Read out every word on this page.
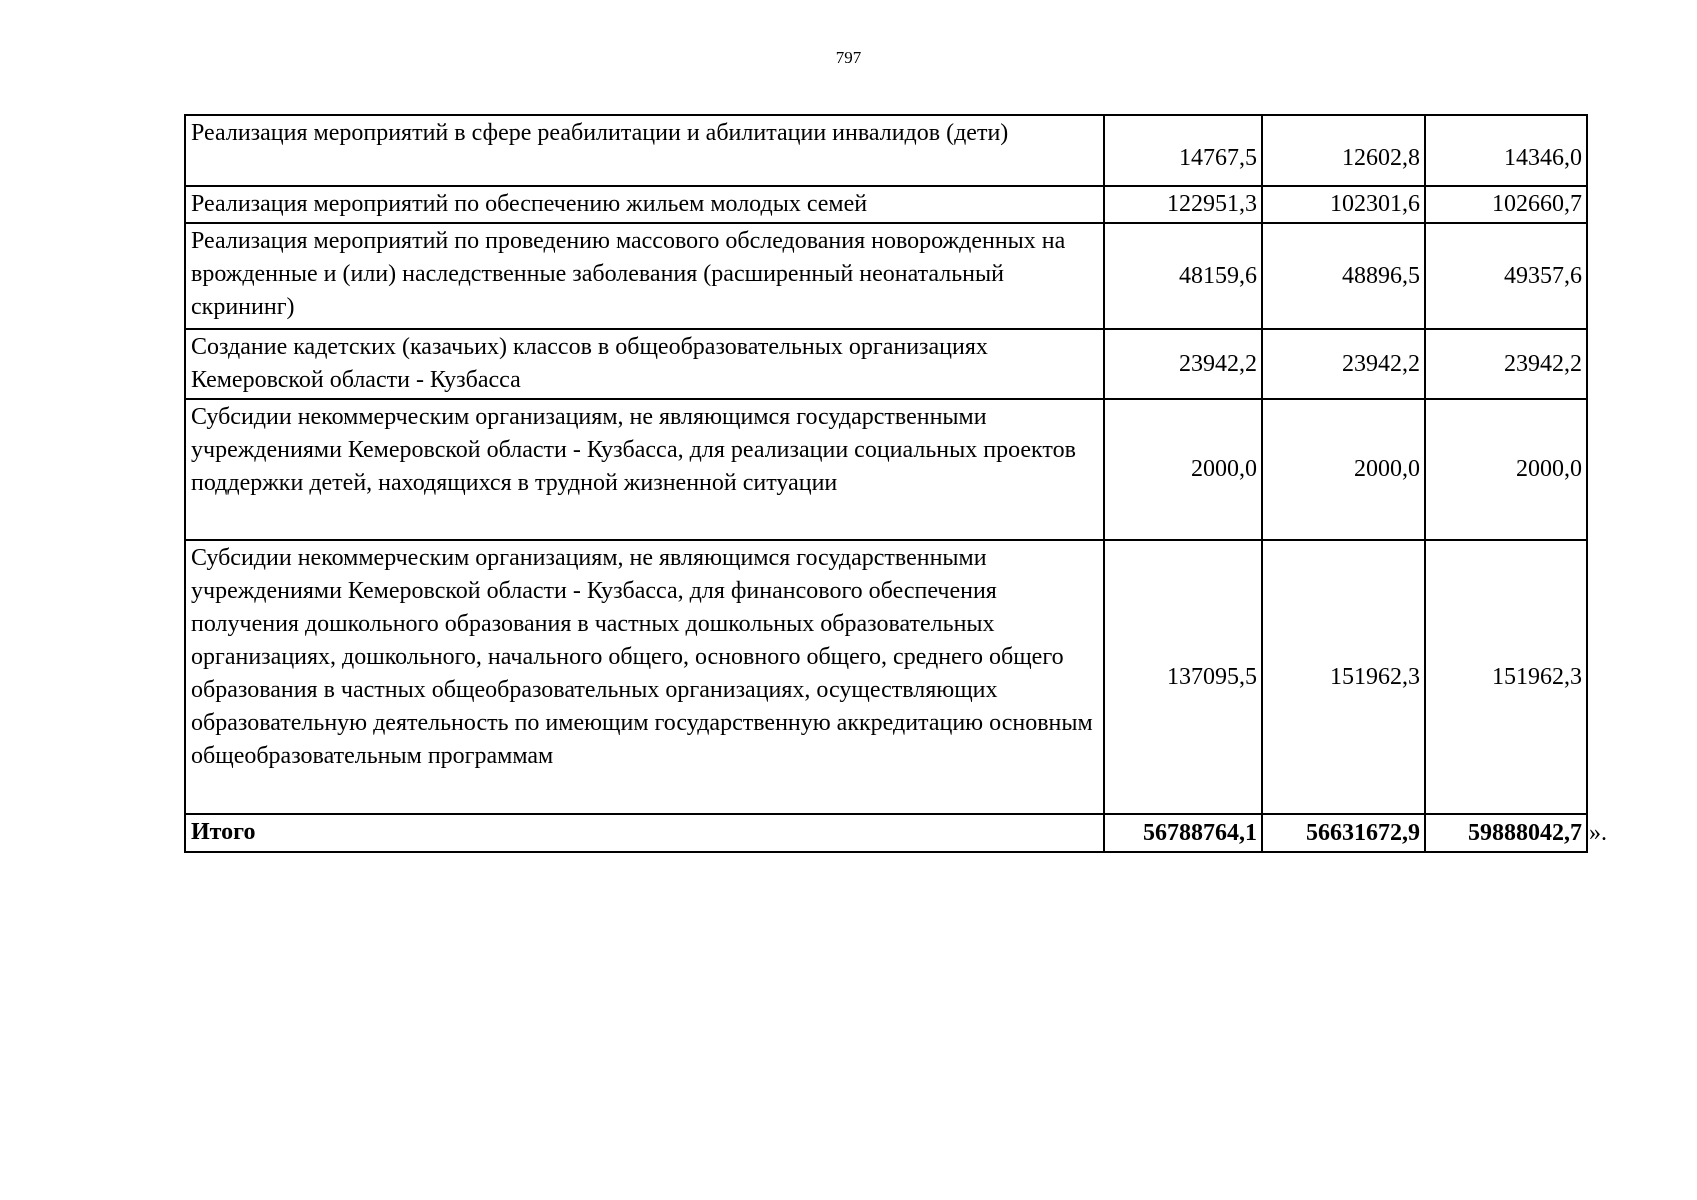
797
Реализация мероприятий в сфере реабилитации и абилитации инвалидов (дети)	14767,5	12602,8	14346,0
Реализация мероприятий по обеспечению жильем молодых семей	122951,3	102301,6	102660,7
Реализация мероприятий по проведению массового обследования новорожденных на врожденные и (или) наследственные заболевания (расширенный неонатальный скрининг)	48159,6	48896,5	49357,6
Создание кадетских (казачьих) классов в общеобразовательных организациях Кемеровской области - Кузбасса	23942,2	23942,2	23942,2
Субсидии некоммерческим организациям, не являющимся государственными учреждениями Кемеровской области - Кузбасса, для реализации социальных проектов поддержки детей, находящихся в трудной жизненной ситуации	2000,0	2000,0	2000,0
Субсидии некоммерческим организациям, не являющимся государственными учреждениями Кемеровской области - Кузбасса, для финансового обеспечения получения дошкольного образования в частных дошкольных образовательных организациях, дошкольного, начального общего, основного общего, среднего общего образования в частных общеобразовательных организациях, осуществляющих образовательную деятельность по имеющим государственную аккредитацию основным общеобразовательным программам	137095,5	151962,3	151962,3
Итого	56788764,1	56631672,9	59888042,7 ».
